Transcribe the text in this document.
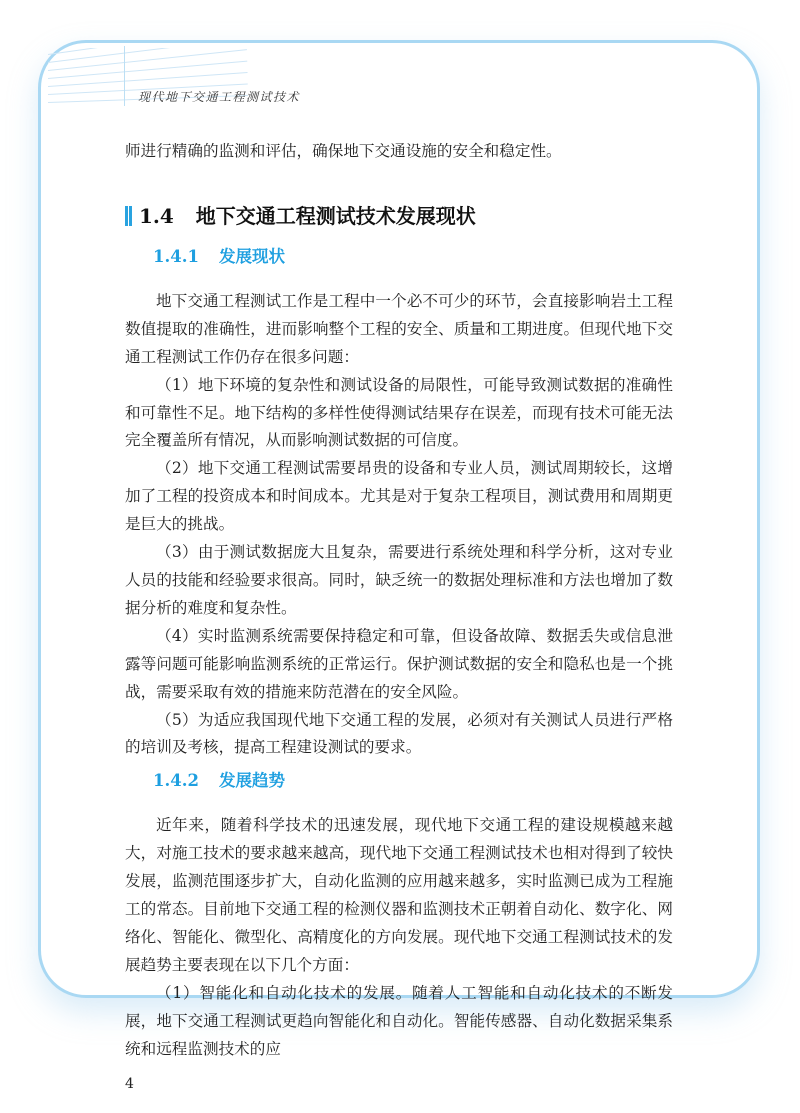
现代地下交通工程测试技术
师进行精确的监测和评估，确保地下交通设施的安全和稳定性。
1.4 地下交通工程测试技术发展现状
1.4.1 发展现状

地下交通工程测试工作是工程中一个必不可少的环节，会直接影响岩土工程数值提取的准确性，进而影响整个工程的安全、质量和工期进度。但现代地下交通工程测试工作仍存在很多问题：

（1）地下环境的复杂性和测试设备的局限性，可能导致测试数据的准确性和可靠性不足。地下结构的多样性使得测试结果存在误差，而现有技术可能无法完全覆盖所有情况，从而影响测试数据的可信度。

（2）地下交通工程测试需要昂贵的设备和专业人员，测试周期较长，这增加了工程的投资成本和时间成本。尤其是对于复杂工程项目，测试费用和周期更是巨大的挑战。

（3）由于测试数据庞大且复杂，需要进行系统处理和科学分析，这对专业人员的技能和经验要求很高。同时，缺乏统一的数据处理标准和方法也增加了数据分析的难度和复杂性。

（4）实时监测系统需要保持稳定和可靠，但设备故障、数据丢失或信息泄露等问题可能影响监测系统的正常运行。保护测试数据的安全和隐私也是一个挑战，需要采取有效的措施来防范潜在的安全风险。

（5）为适应我国现代地下交通工程的发展，必须对有关测试人员进行严格的培训及考核，提高工程建设测试的要求。

1.4.2 发展趋势

近年来，随着科学技术的迅速发展，现代地下交通工程的建设规模越来越大，对施工技术的要求越来越高，现代地下交通工程测试技术也相对得到了较快发展，监测范围逐步扩大，自动化监测的应用越来越多，实时监测已成为工程施工的常态。目前地下交通工程的检测仪器和监测技术正朝着自动化、数字化、网络化、智能化、微型化、高精度化的方向发展。现代地下交通工程测试技术的发展趋势主要表现在以下几个方面：

（1）智能化和自动化技术的发展。随着人工智能和自动化技术的不断发展，地下交通工程测试更趋向智能化和自动化。智能传感器、自动化数据采集系统和远程监测技术的应

4
